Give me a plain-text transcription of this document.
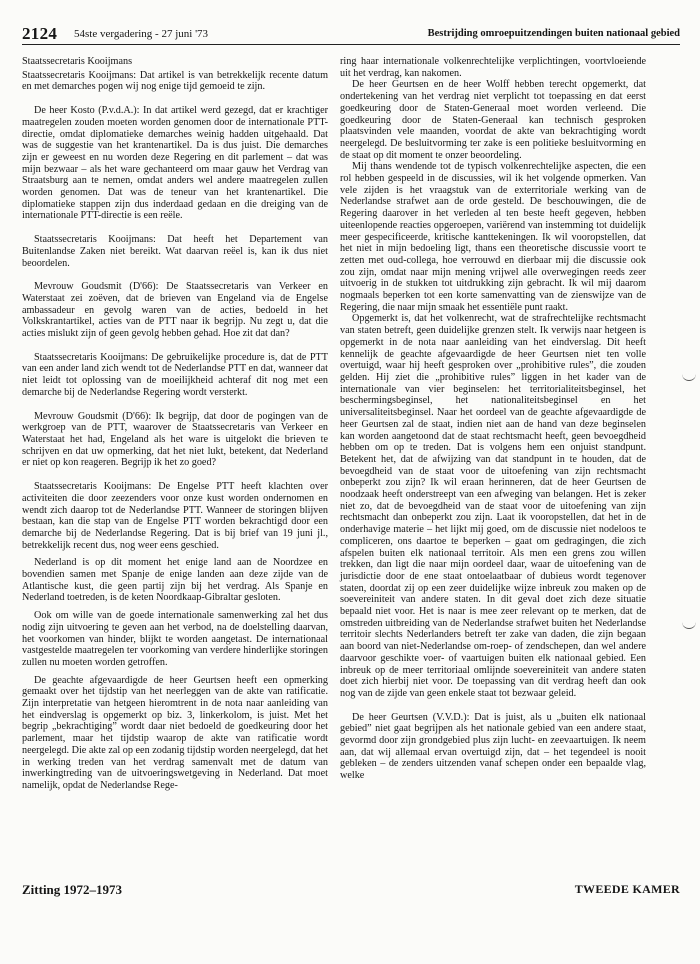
2124 54ste vergadering - 27 juni '73	Bestrijding omroepuitzendingen buiten nationaal gebied

Staatssecretaris Kooijmans

Staatssecretaris Kooijmans: Dat artikel is van betrekkelijk recente datum en met demarches pogen wij nog enige tijd gemoeid te zijn.

De heer Kosto (P.v.d.A.): In dat artikel werd gezegd, dat er krachtiger maatregelen zouden moeten worden genomen door de internationale PTT-directie, omdat diplomatieke demarches weinig hadden uitgehaald. Dat was de suggestie van het krantenartikel. Da is dus juist. Die demarches zijn er geweest en nu worden deze Regering en dit parlement – dat was mijn bezwaar – als het ware gechanteerd om maar gauw het Verdrag van Straatsburg aan te nemen, omdat anders wel andere maatregelen zullen worden genomen. Dat was de teneur van het krantenartikel. Die diplomatieke stappen zijn dus inderdaad gedaan en die dreiging van de internationale PTT-directie is een reële.

Staatssecretaris Kooijmans: Dat heeft het Departement van Buitenlandse Zaken niet bereikt. Wat daarvan reëel is, kan ik dus niet beoordelen.

Mevrouw Goudsmit (D'66): De Staatssecretaris van Verkeer en Waterstaat zei zoëven, dat de brieven van Engeland via de Engelse ambassadeur en gevolg waren van de acties, bedoeld in het Volkskrantartikel, acties van de PTT naar ik begrijp. Nu zegt u, dat die acties mislukt zijn of geen gevolg hebben gehad. Hoe zit dat dan?

Staatssecretaris Kooijmans: De gebruikelijke procedure is, dat de PTT van een ander land zich wendt tot de Nederlandse PTT en dat, wanneer dat niet leidt tot oplossing van de moeilijkheid achteraf dit nog met een demarche bij de Nederlandse Regering wordt versterkt.

Mevrouw Goudsmit (D'66): Ik begrijp, dat door de pogingen van de werkgroep van de PTT, waarover de Staatssecretaris van Verkeer en Waterstaat het had, Engeland als het ware is uitgelokt die brieven te schrijven en dat uw opmerking, dat het niet lukt, betekent, dat Nederland er niet op kon reageren. Begrijp ik het zo goed?

Staatssecretaris Kooijmans: De Engelse PTT heeft klachten over activiteiten die door zeezenders voor onze kust worden ondernomen en wendt zich daarop tot de Nederlandse PTT. Wanneer de storingen blijven bestaan, kan die stap van de Engelse PTT worden bekrachtigd door een demarche bij de Nederlandse Regering. Dat is bij brief van 19 juni jl., betrekkelijk recent dus, nog weer eens geschied.

Nederland is op dit moment het enige land aan de Noordzee en bovendien samen met Spanje de enige landen aan deze zijde van de Atlantische kust, die geen partij zijn bij het verdrag. Als Spanje en Nederland toetreden, is de keten Noordkaap-Gibraltar gesloten.

Ook om wille van de goede internationale samenwerking zal het dus nodig zijn uitvoering te geven aan het verbod, na de doelstelling daarvan, het voorkomen van hinder, blijkt te worden aangetast. De internationaal vastgestelde maatregelen ter voorkoming van verdere hinderlijke storingen zullen nu moeten worden getroffen.

De geachte afgevaardigde de heer Geurtsen heeft een opmerking gemaakt over het tijdstip van het neerleggen van de akte van ratificatie. Zijn interpretatie van hetgeen hieromtrent in de nota naar aanleiding van het eindverslag is opgemerkt op biz. 3, linkerkolom, is juist. Met het begrip „bekrachtiging” wordt daar niet bedoeld de goedkeuring door het parlement, maar het tijdstip waarop de akte van ratificatie wordt neergelegd. Die akte zal op een zodanig tijdstip worden neergelegd, dat het in werking treden van het verdrag samenvalt met de datum van inwerkingtreding van de uitvoeringswetgeving in Nederland. Dat moet namelijk, opdat de Nederlandse Rege-

ring haar internationale volkenrechtelijke verplichtingen, voortvloeiende uit het verdrag, kan nakomen.

De heer Geurtsen en de heer Wolff hebben terecht opgemerkt, dat ondertekening van het verdrag niet verplicht tot toepassing en dat eerst goedkeuring door de Staten-Generaal moet worden verleend. Die goedkeuring door de Staten-Generaal kan technisch gesproken plaatsvinden vele maanden, voordat de akte van bekrachtiging wordt neergelegd. De besluitvorming ter zake is een politieke besluitvorming en de staat op dit moment te onzer beoordeling.

Mij thans wendende tot de typisch volkenrechtelijke aspecten, die een rol hebben gespeeld in de discussies, wil ik het volgende opmerken. Van vele zijden is het vraagstuk van de exterritoriale werking van de Nederlandse strafwet aan de orde gesteld. De beschouwingen, die de Regering daarover in het verleden al ten beste heeft gegeven, hebben uiteenlopende reacties opgeroepen, variërend van instemming tot duidelijk meer gespecificeerde, kritische kanttekeningen. Ik wil vooropstellen, dat het niet in mijn bedoeling ligt, thans een theoretische discussie voort te zetten met oud-collega, hoe verrouwd en dierbaar mij die discussie ook zou zijn, omdat naar mijn mening vrijwel alle overwegingen reeds zeer uitvoerig in de stukken tot uitdrukking zijn gebracht. Ik wil mij daarom nogmaals beperken tot een korte samenvatting van de zienswijze van de Regering, die naar mijn smaak het essentiële punt raakt.

Opgemerkt is, dat het volkenrecht, wat de strafrechtelijke rechtsmacht van staten betreft, geen duidelijke grenzen stelt. Ik verwijs naar hetgeen is opgemerkt in de nota naar aanleiding van het eindverslag. Dit heeft kennelijk de geachte afgevaardigde de heer Geurtsen niet ten volle overtuigd, waar hij heeft gesproken over „prohibitive rules”, die zouden gelden. Hij ziet die „prohibitive rules” liggen in het kader van de internationale van vier beginselen: het territorialiteitsbeginsel, het beschermingsbeginsel, het nationaliteitsbeginsel en het universaliteitsbeginsel. Naar het oordeel van de geachte afgevaardigde de heer Geurtsen zal de staat, indien niet aan de hand van deze beginselen kan worden aangetoond dat de staat rechtsmacht heeft, geen bevoegdheid hebben om op te treden. Dat is volgens hem een onjuist standpunt. Betekent het, dat de afwijzing van dat standpunt in te houden, dat de bevoegdheid van de staat voor de uitoefening van zijn rechtsmacht onbeperkt zou zijn? Ik wil eraan herinneren, dat de heer Geurtsen de noodzaak heeft onderstreept van een afweging van belangen. Het is zeker niet zo, dat de bevoegdheid van de staat voor de uitoefening van zijn rechtsmacht dan onbeperkt zou zijn. Laat ik vooropstellen, dat het in de onderhavige materie – het lijkt mij goed, om de discussie niet nodeloos te compliceren, ons daartoe te beperken – gaat om gedragingen, die zich afspelen buiten elk nationaal territoir. Als men een grens zou willen trekken, dan ligt die naar mijn oordeel daar, waar de uitoefening van de jurisdictie door de ene staat ontoelaatbaar of dubieus wordt tegenover staten, doordat zij op een zeer duidelijke wijze inbreuk zou maken op de soevereiniteit van andere staten. In dit geval doet zich deze situatie bepaald niet voor. Het is naar is mee zeer relevant op te merken, dat de omstreden uitbreiding van de Nederlandse strafwet buiten het Nederlandse territoir slechts Nederlanders betreft ter zake van daden, die zijn begaan aan boord van niet-Nederlandse om-roep- of zendschepen, dan wel andere daarvoor geschikte voer- of vaartuigen buiten elk nationaal gebied. Een inbreuk op de meer territoriaal omlijnde soevereiniteit van andere staten doet zich hierbij niet voor. De toepassing van dit verdrag heeft dan ook nog van de zijde van geen enkele staat tot bezwaar geleid.

De heer Geurtsen (V.V.D.): Dat is juist, als u „buiten elk nationaal gebied” niet gaat begrijpen als het nationale gebied van een andere staat, gevormd door zijn grondgebied plus zijn lucht- en zeevaartuigen. Ik neem aan, dat wij allemaal ervan overtuigd zijn, dat – het tegendeel is nooit gebleken – de zenders uitzenden vanaf schepen onder een bepaalde vlag, welke

Zitting 1972–1973	TWEEDE KAMER
